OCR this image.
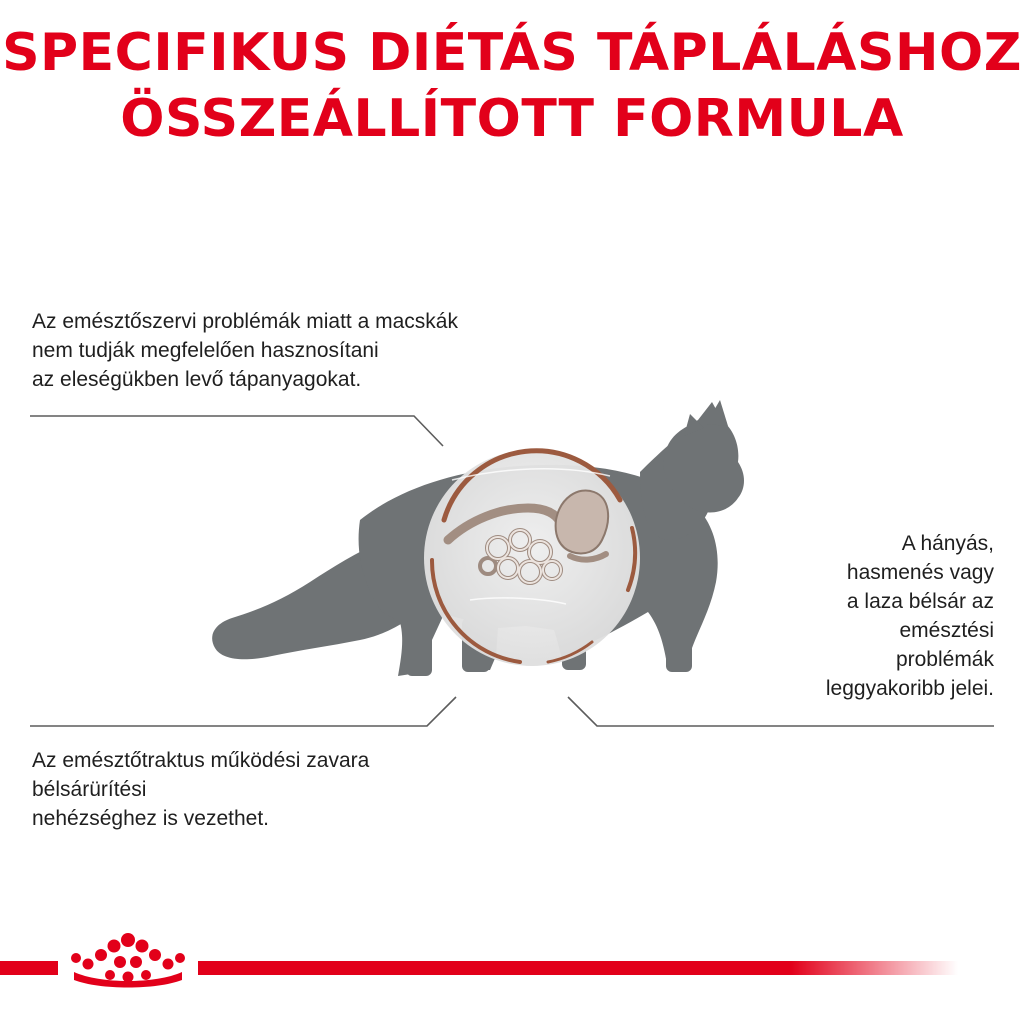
SPECIFIKUS DIÉTÁS TÁPLÁLÁSHOZ
ÖSSZEÁLLÍTOTT FORMULA

Az emésztőszervi problémák miatt a macskák
nem tudják megfelelően hasznosítani
az eleségükben levő tápanyagokat.

A hányás,
hasmenés vagy
a laza bélsár az
emésztési
problémák
leggyakoribb jelei.

Az emésztőtraktus működési zavara
bélsárürítési
nehézséghez is vezethet.
